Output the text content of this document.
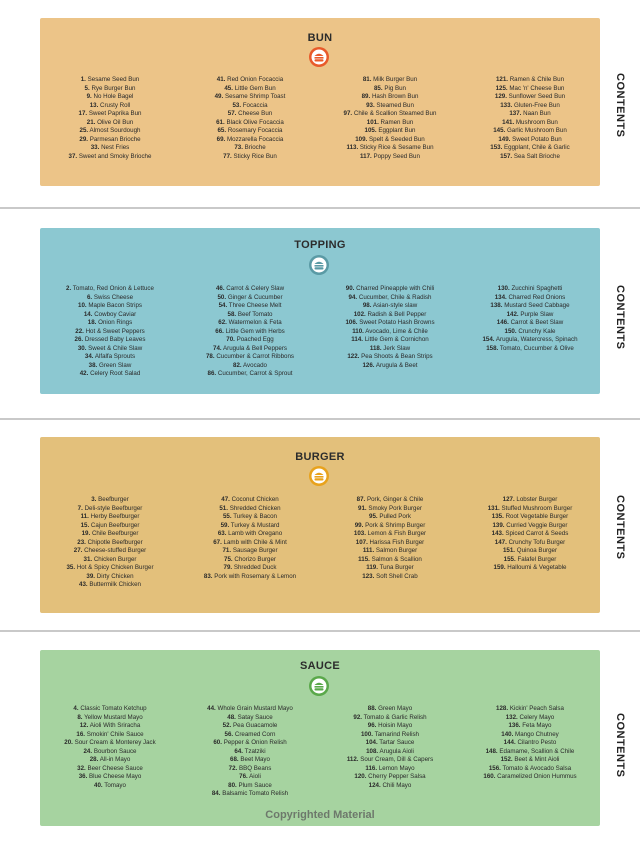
BUN
1. Sesame Seed Bun
5. Rye Burger Bun
9. No Hole Bagel
13. Crusty Roll
17. Sweet Paprika Bun
21. Olive Oil Bun
25. Almost Sourdough
29. Parmesan Brioche
33. Nest Fries
37. Sweet and Smoky Brioche
41. Red Onion Focaccia
45. Little Gem Bun
49. Sesame Shrimp Toast
53. Focaccia
57. Cheese Bun
61. Black Olive Focaccia
65. Rosemary Focaccia
69. Mozzarella Focaccia
73. Brioche
77. Sticky Rice Bun
81. Milk Burger Bun
85. Pig Bun
89. Hash Brown Bun
93. Steamed Bun
97. Chile & Scallion Steamed Bun
101. Ramen Bun
105. Eggplant Bun
109. Spelt & Seeded Bun
113. Sticky Rice & Sesame Bun
117. Poppy Seed Bun
121. Ramen & Chile Bun
125. Mac 'n' Cheese Bun
129. Sunflower Seed Bun
133. Gluten-Free Bun
137. Naan Bun
141. Mushroom Bun
145. Garlic Mushroom Bun
149. Sweet Potato Bun
153. Eggplant, Chile & Garlic
157. Sea Salt Brioche
CONTENTS
TOPPING
2. Tomato, Red Onion & Lettuce
6. Swiss Cheese
10. Maple Bacon Strips
14. Cowboy Caviar
18. Onion Rings
22. Hot & Sweet Peppers
26. Dressed Baby Leaves
30. Sweet & Chile Slaw
34. Alfalfa Sprouts
38. Green Slaw
42. Celery Root Salad
46. Carrot & Celery Slaw
50. Ginger & Cucumber
54. Three Cheese Melt
58. Beef Tomato
62. Watermelon & Feta
66. Little Gem with Herbs
70. Poached Egg
74. Arugula & Bell Peppers
78. Cucumber & Carrot Ribbons
82. Avocado
86. Cucumber, Carrot & Sprout
90. Charred Pineapple with Chili
94. Cucumber, Chile & Radish
98. Asian-style slaw
102. Radish & Bell Pepper
106. Sweet Potato Hash Browns
110. Avocado, Lime & Chile
114. Little Gem & Cornichon
118. Jerk Slaw
122. Pea Shoots & Bean Strips
126. Arugula & Beet
130. Zucchini Spaghetti
134. Charred Red Onions
138. Mustard Seed Cabbage
142. Purple Slaw
146. Carrot & Beet Slaw
150. Crunchy Kale
154. Arugula, Watercress, Spinach
158. Tomato, Cucumber & Olive	CONTENTS
BURGER
3. Beefburger
7. Deli-style Beefburger
11. Herby Beefburger
15. Cajun Beefburger
19. Chile Beefburger
23. Chipotle Beefburger
27. Cheese-stuffed Burger
31. Chicken Burger
35. Hot & Spicy Chicken Burger
39. Dirty Chicken
43. Buttermilk Chicken
47. Coconut Chicken
51. Shredded Chicken
55. Turkey & Bacon
59. Turkey & Mustard
63. Lamb with Oregano
67. Lamb with Chile & Mint
71. Sausage Burger
75. Chorizo Burger
79. Shredded Duck
83. Pork with Rosemary & Lemon
87. Pork, Ginger & Chile
91. Smoky Pork Burger
95. Pulled Pork
99. Pork & Shrimp Burger
103. Lemon & Fish Burger
107. Harissa Fish Burger
111. Salmon Burger
115. Salmon & Scallion
119. Tuna Burger
123. Soft Shell Crab
127. Lobster Burger
131. Stuffed Mushroom Burger
135. Root Vegetable Burger
139. Curried Veggie Burger
143. Spiced Carrot & Seeds
147. Crunchy Tofu Burger
151. Quinoa Burger
155. Falafel Burger
159. Halloumi & Vegetable
CONTENTS
SAUCE
4. Classic Tomato Ketchup
8. Yellow Mustard Mayo
12. Aioli With Sriracha
16. Smokin' Chile Sauce
20. Sour Cream & Monterey Jack
24. Bourbon Sauce
28. All-in Mayo
32. Beer Cheese Sauce
36. Blue Cheese Mayo
40. Tomayo
44. Whole Grain Mustard Mayo
48. Satay Sauce
52. Pea Guacamole
56. Creamed Corn
60. Pepper & Onion Relish
64. Tzatziki
68. Beet Mayo
72. BBQ Beans
76. Aioli
80. Plum Sauce
84. Balsamic Tomato Relish
88. Green Mayo
92. Tomato & Garlic Relish
96. Hoisin Mayo
100. Tamarind Relish
104. Tartar Sauce
108. Arugula Aioli
112. Sour Cream, Dill & Capers
116. Lemon Mayo
120. Cherry Pepper Salsa
124. Chili Mayo
128. Kickin' Peach Salsa
132. Celery Mayo
136. Feta Mayo
140. Mango Chutney
144. Cilantro Pesto
148. Edamame, Scallion & Chile
152. Beet & Mint Aioli
156. Tomato & Avocado Salsa
160. Caramelized Onion Hummus	CONTENTS
Copyrighted Material
